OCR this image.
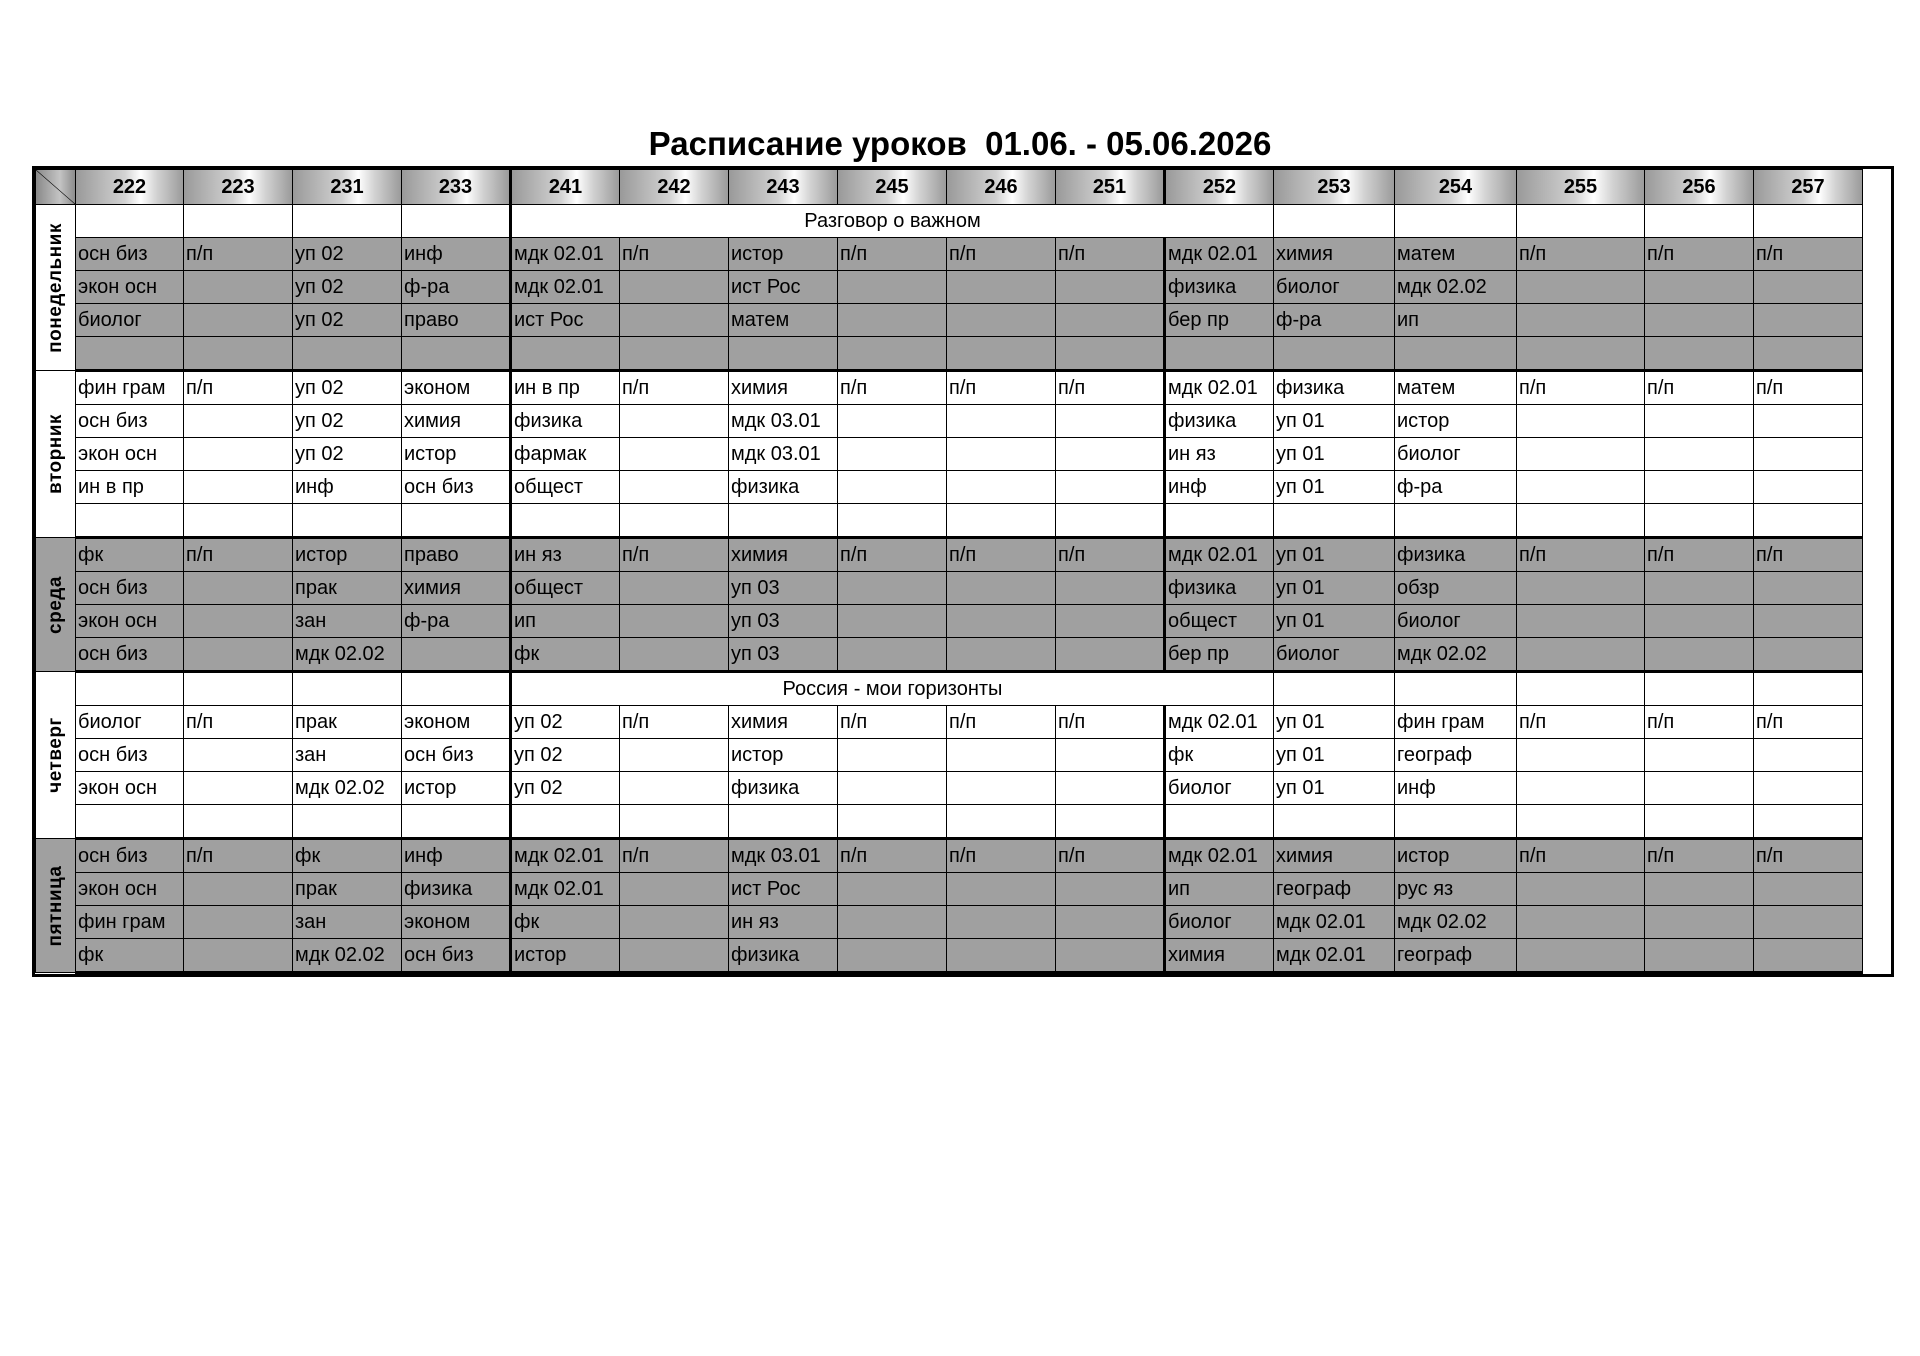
Расписание уроков  01.06. - 05.06.2026
	222	223	231	233	241	242	243	245	246	251	252	253	254	255	256	257

понедельник					Разговор о важном											
	осн биз	п/п	уп 02	инф	мдк 02.01	п/п	истор	п/п	п/п	п/п	мдк 02.01	химия	матем	п/п	п/п	п/п
	экон осн		уп 02	ф-ра	мдк 02.01		ист Рос				физика	биолог	мдк 02.02			
	биолог		уп 02	право	ист Рос		матем				бер пр	ф-ра	ип			

вторник	фин грам	п/п	уп 02	эконом	ин в пр	п/п	химия	п/п	п/п	п/п	мдк 02.01	физика	матем	п/п	п/п	п/п
	осн биз		уп 02	химия	физика		мдк 03.01				физика	уп 01	истор			
	экон осн		уп 02	истор	фармак		мдк 03.01				ин яз	уп 01	биолог			
	ин в пр		инф	осн биз	общест		физика				инф	уп 01	ф-ра			

среда	фк	п/п	истор	право	ин яз	п/п	химия	п/п	п/п	п/п	мдк 02.01	уп 01	физика	п/п	п/п	п/п
	осн биз		прак	химия	общест		уп 03				физика	уп 01	обзр			
	экон осн		зан	ф-ра	ип		уп 03				общест	уп 01	биолог			
	осн биз		мдк 02.02		фк		уп 03				бер пр	биолог	мдк 02.02			

четверг					Россия - мои горизонты											
	биолог	п/п	прак	эконом	уп 02	п/п	химия	п/п	п/п	п/п	мдк 02.01	уп 01	фин грам	п/п	п/п	п/п
	осн биз		зан	осн биз	уп 02		истор				фк	уп 01	географ			
	экон осн		мдк 02.02	истор	уп 02		физика				биолог	уп 01	инф			

пятница	осн биз	п/п	фк	инф	мдк 02.01	п/п	мдк 03.01	п/п	п/п	п/п	мдк 02.01	химия	истор	п/п	п/п	п/п
	экон осн		прак	физика	мдк 02.01		ист Рос				ип	географ	рус яз			
	фин грам		зан	эконом	фк		ин яз				биолог	мдк 02.01	мдк 02.02			
	фк		мдк 02.02	осн биз	истор		физика				химия	мдк 02.01	географ			
